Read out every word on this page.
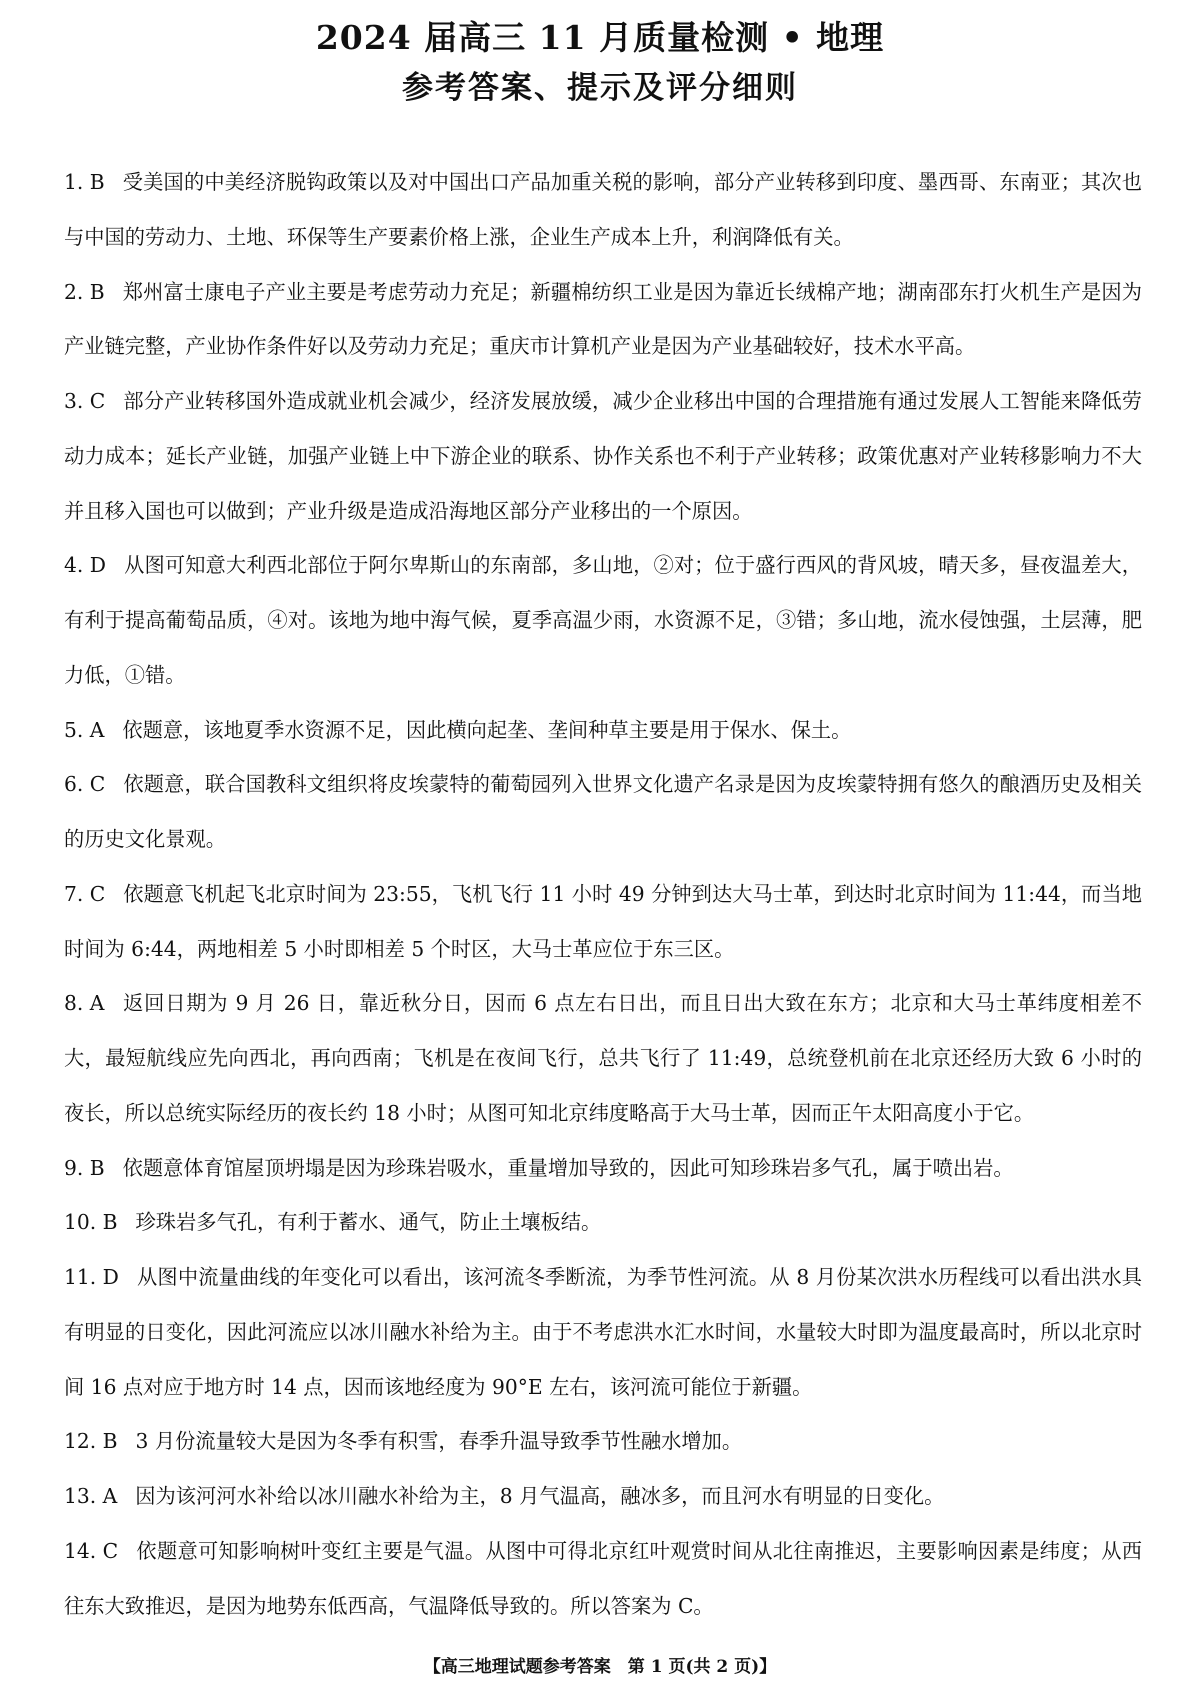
2024 届高三 11 月质量检测 • 地理
参考答案、提示及评分细则

1. B 受美国的中美经济脱钩政策以及对中国出口产品加重关税的影响，部分产业转移到印度、墨西哥、东南亚；其次也与中国的劳动力、土地、环保等生产要素价格上涨，企业生产成本上升，利润降低有关。

2. B 郑州富士康电子产业主要是考虑劳动力充足；新疆棉纺织工业是因为靠近长绒棉产地；湖南邵东打火机生产是因为产业链完整，产业协作条件好以及劳动力充足；重庆市计算机产业是因为产业基础较好，技术水平高。

3. C 部分产业转移国外造成就业机会减少，经济发展放缓，减少企业移出中国的合理措施有通过发展人工智能来降低劳动力成本；延长产业链，加强产业链上中下游企业的联系、协作关系也不利于产业转移；政策优惠对产业转移影响力不大并且移入国也可以做到；产业升级是造成沿海地区部分产业移出的一个原因。

4. D 从图可知意大利西北部位于阿尔卑斯山的东南部，多山地，②对；位于盛行西风的背风坡，晴天多，昼夜温差大，有利于提高葡萄品质，④对。该地为地中海气候，夏季高温少雨，水资源不足，③错；多山地，流水侵蚀强，土层薄，肥力低，①错。

5. A 依题意，该地夏季水资源不足，因此横向起垄、垄间种草主要是用于保水、保土。

6. C 依题意，联合国教科文组织将皮埃蒙特的葡萄园列入世界文化遗产名录是因为皮埃蒙特拥有悠久的酿酒历史及相关的历史文化景观。

7. C 依题意飞机起飞北京时间为 23:55，飞机飞行 11 小时 49 分钟到达大马士革，到达时北京时间为 11:44，而当地时间为 6:44，两地相差 5 小时即相差 5 个时区，大马士革应位于东三区。

8. A 返回日期为 9 月 26 日，靠近秋分日，因而 6 点左右日出，而且日出大致在东方；北京和大马士革纬度相差不大，最短航线应先向西北，再向西南；飞机是在夜间飞行，总共飞行了 11:49，总统登机前在北京还经历大致 6 小时的夜长，所以总统实际经历的夜长约 18 小时；从图可知北京纬度略高于大马士革，因而正午太阳高度小于它。

9. B 依题意体育馆屋顶坍塌是因为珍珠岩吸水，重量增加导致的，因此可知珍珠岩多气孔，属于喷出岩。

10. B 珍珠岩多气孔，有利于蓄水、通气，防止土壤板结。

11. D 从图中流量曲线的年变化可以看出，该河流冬季断流，为季节性河流。从 8 月份某次洪水历程线可以看出洪水具有明显的日变化，因此河流应以冰川融水补给为主。由于不考虑洪水汇水时间，水量较大时即为温度最高时，所以北京时间 16 点对应于地方时 14 点，因而该地经度为 90°E 左右，该河流可能位于新疆。

12. B 3 月份流量较大是因为冬季有积雪，春季升温导致季节性融水增加。

13. A 因为该河河水补给以冰川融水补给为主，8 月气温高，融冰多，而且河水有明显的日变化。

14. C 依题意可知影响树叶变红主要是气温。从图中可得北京红叶观赏时间从北往南推迟，主要影响因素是纬度；从西往东大致推迟，是因为地势东低西高，气温降低导致的。所以答案为 C。

【高三地理试题参考答案　第 1 页(共 2 页)】
